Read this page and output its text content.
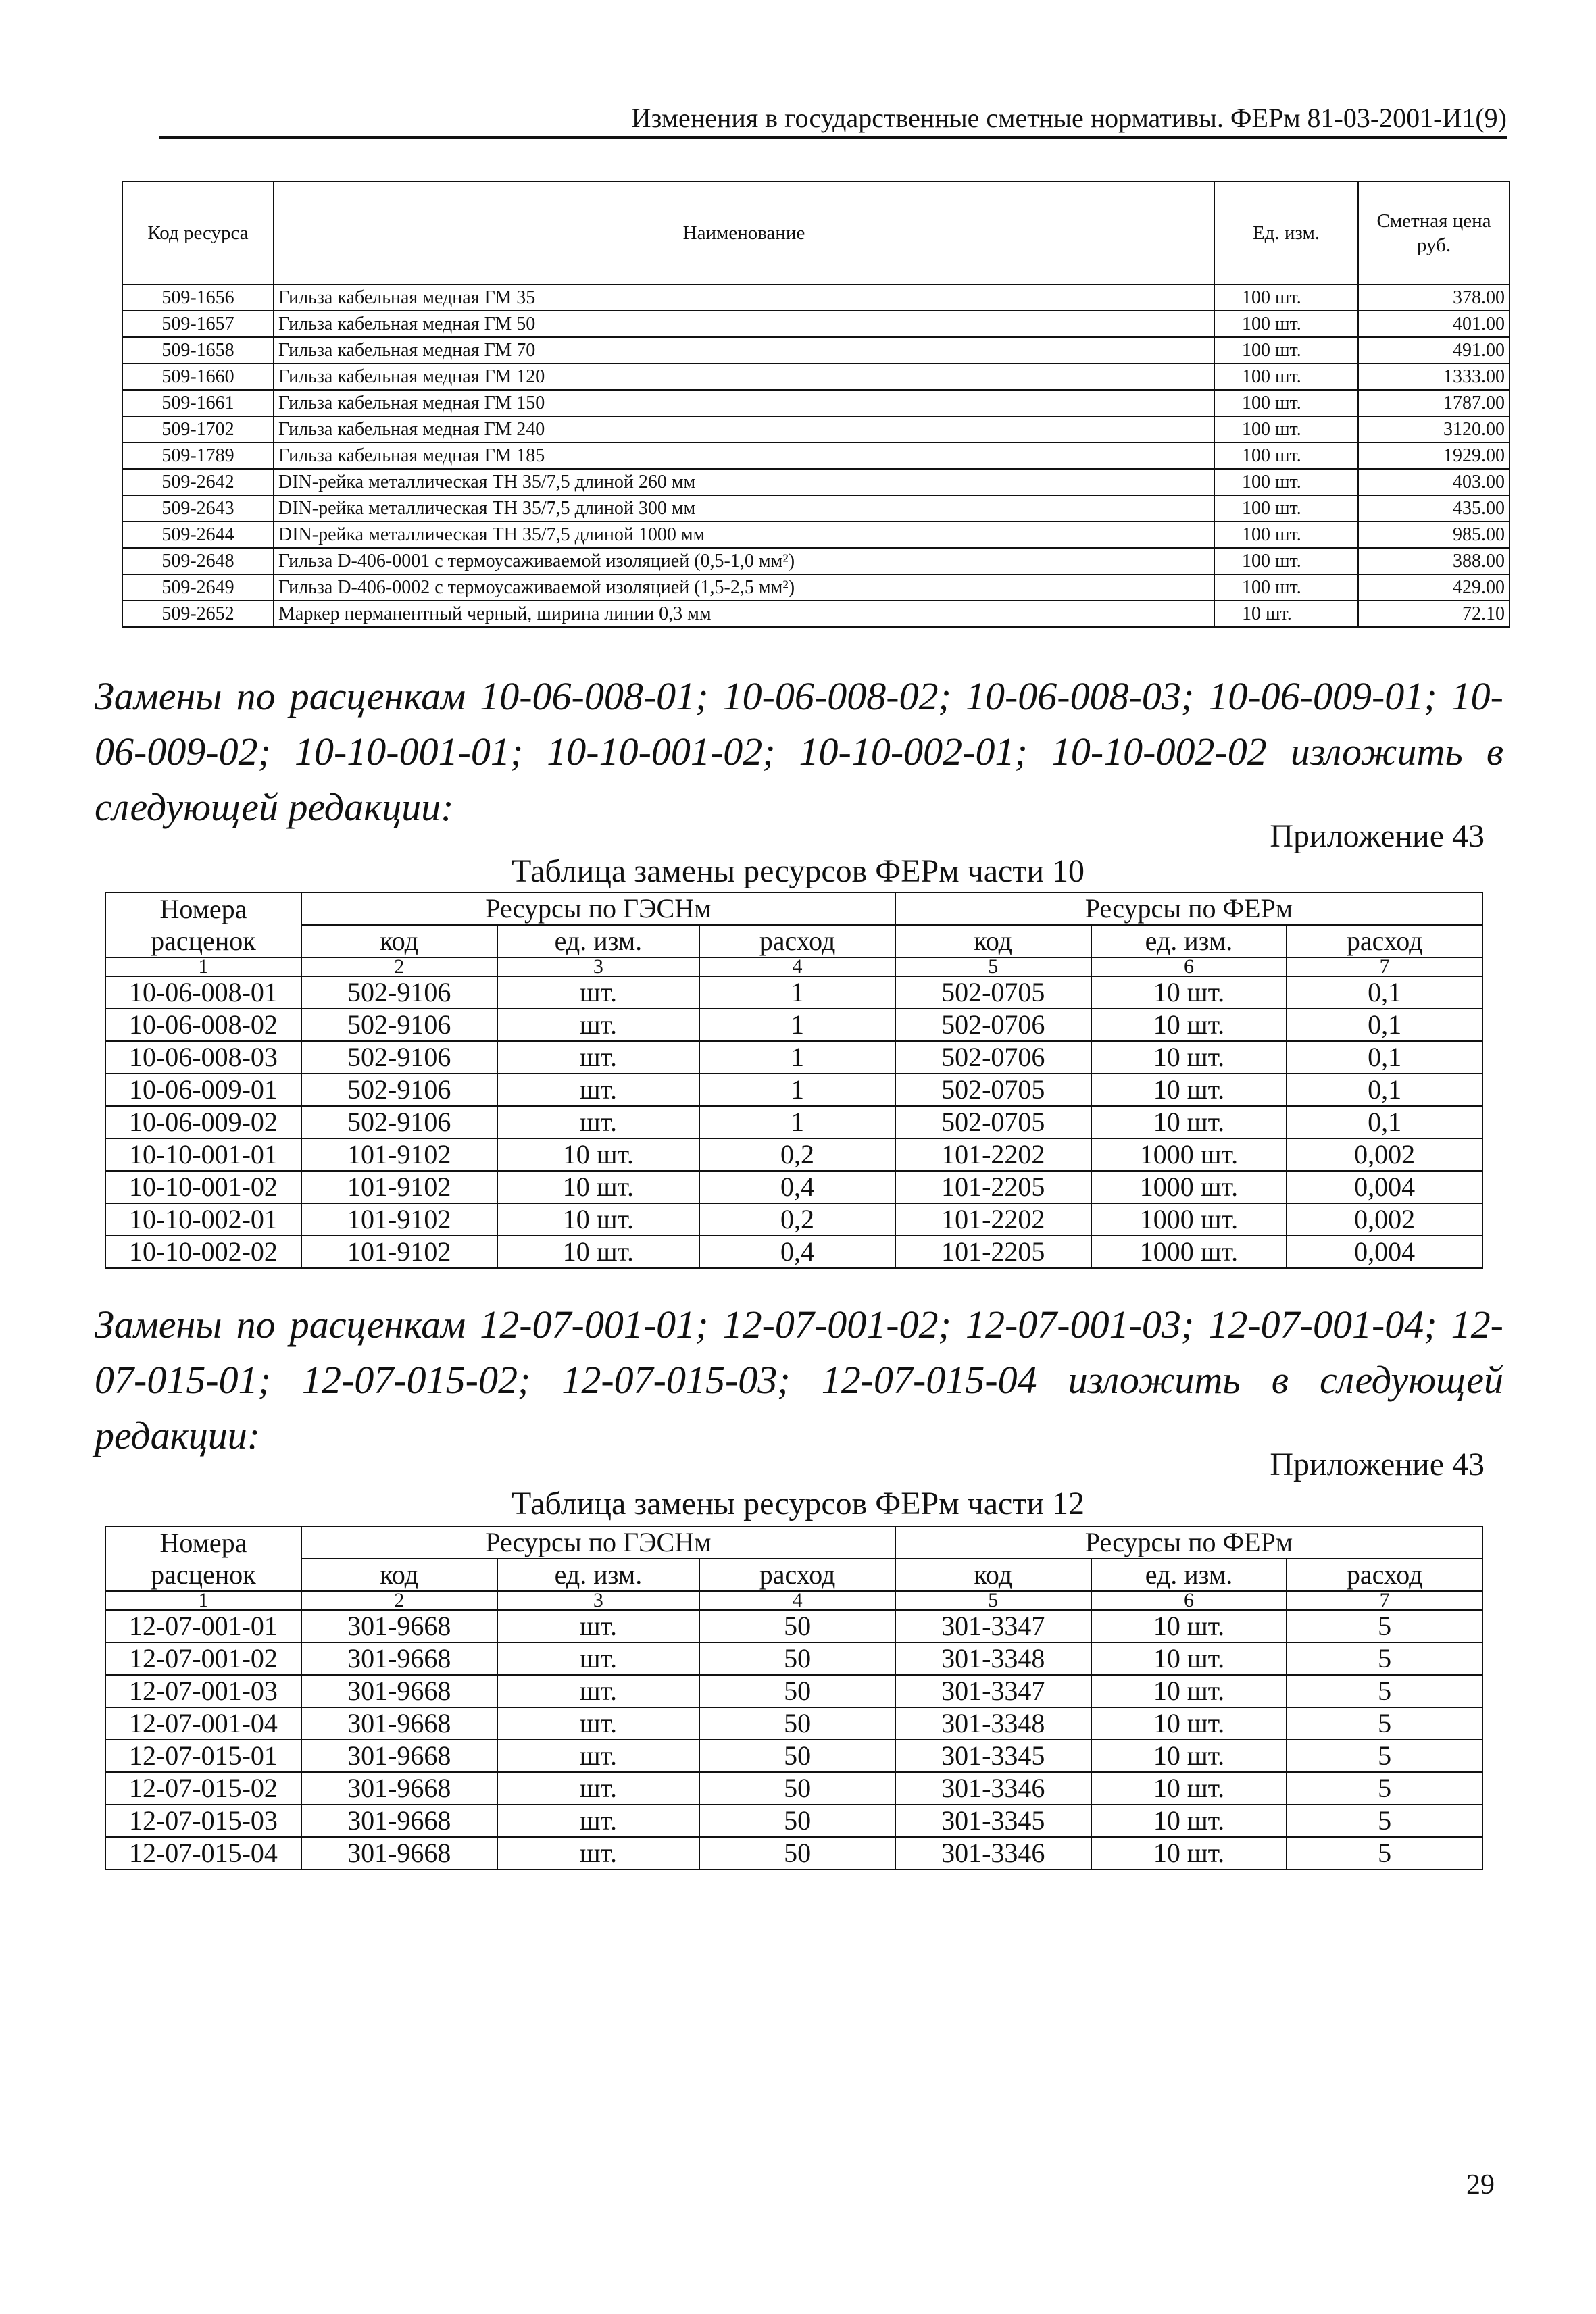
Изменения в государственные сметные нормативы. ФЕРм 81-03-2001-И1(9)
Код ресурса	Наименование	Ед. изм.	Сметная цена руб.
509-1656	Гильза кабельная медная ГМ 35	100 шт.	378.00
509-1657	Гильза кабельная медная ГМ 50	100 шт.	401.00
509-1658	Гильза кабельная медная ГМ 70	100 шт.	491.00
509-1660	Гильза кабельная медная ГМ 120	100 шт.	1333.00
509-1661	Гильза кабельная медная ГМ 150	100 шт.	1787.00
509-1702	Гильза кабельная медная ГМ 240	100 шт.	3120.00
509-1789	Гильза кабельная медная ГМ 185	100 шт.	1929.00
509-2642	DIN-рейка металлическая ТН 35/7,5 длиной 260 мм	100 шт.	403.00
509-2643	DIN-рейка металлическая ТН 35/7,5 длиной 300 мм	100 шт.	435.00
509-2644	DIN-рейка металлическая ТН 35/7,5 длиной 1000 мм	100 шт.	985.00
509-2648	Гильза D-406-0001 с термоусаживаемой изоляцией (0,5-1,0 мм²)	100 шт.	388.00
509-2649	Гильза D-406-0002 с термоусаживаемой изоляцией (1,5-2,5 мм²)	100 шт.	429.00
509-2652	Маркер перманентный черный, ширина линии 0,3 мм	10 шт.	72.10
Замены по расценкам 10-06-008-01; 10-06-008-02; 10-06-008-03; 10-06-009-01; 10-06-009-02; 10-10-001-01; 10-10-001-02; 10-10-002-01; 10-10-002-02 изложить в следующей редакции:
Приложение 43
Таблица замены ресурсов ФЕРм части 10
Номера	Ресурсы по ГЭСНм			Ресурсы по ФЕРм		
расценок	код	ед. изм.	расход	код	ед. изм.	расход
1	2	3	4	5	6	7
10-06-008-01	502-9106	шт.	1	502-0705	10 шт.	0,1
10-06-008-02	502-9106	шт.	1	502-0706	10 шт.	0,1
10-06-008-03	502-9106	шт.	1	502-0706	10 шт.	0,1
10-06-009-01	502-9106	шт.	1	502-0705	10 шт.	0,1
10-06-009-02	502-9106	шт.	1	502-0705	10 шт.	0,1
10-10-001-01	101-9102	10 шт.	0,2	101-2202	1000 шт.	0,002
10-10-001-02	101-9102	10 шт.	0,4	101-2205	1000 шт.	0,004
10-10-002-01	101-9102	10 шт.	0,2	101-2202	1000 шт.	0,002
10-10-002-02	101-9102	10 шт.	0,4	101-2205	1000 шт.	0,004
Замены по расценкам 12-07-001-01; 12-07-001-02; 12-07-001-03; 12-07-001-04; 12-07-015-01; 12-07-015-02; 12-07-015-03; 12-07-015-04 изложить в следующей редакции:
Приложение 43
Таблица замены ресурсов ФЕРм части 12
Номера	Ресурсы по ГЭСНм			Ресурсы по ФЕРм		
расценок	код	ед. изм.	расход	код	ед. изм.	расход
1	2	3	4	5	6	7
12-07-001-01	301-9668	шт.	50	301-3347	10 шт.	5
12-07-001-02	301-9668	шт.	50	301-3348	10 шт.	5
12-07-001-03	301-9668	шт.	50	301-3347	10 шт.	5
12-07-001-04	301-9668	шт.	50	301-3348	10 шт.	5
12-07-015-01	301-9668	шт.	50	301-3345	10 шт.	5
12-07-015-02	301-9668	шт.	50	301-3346	10 шт.	5
12-07-015-03	301-9668	шт.	50	301-3345	10 шт.	5
12-07-015-04	301-9668	шт.	50	301-3346	10 шт.	5
29
